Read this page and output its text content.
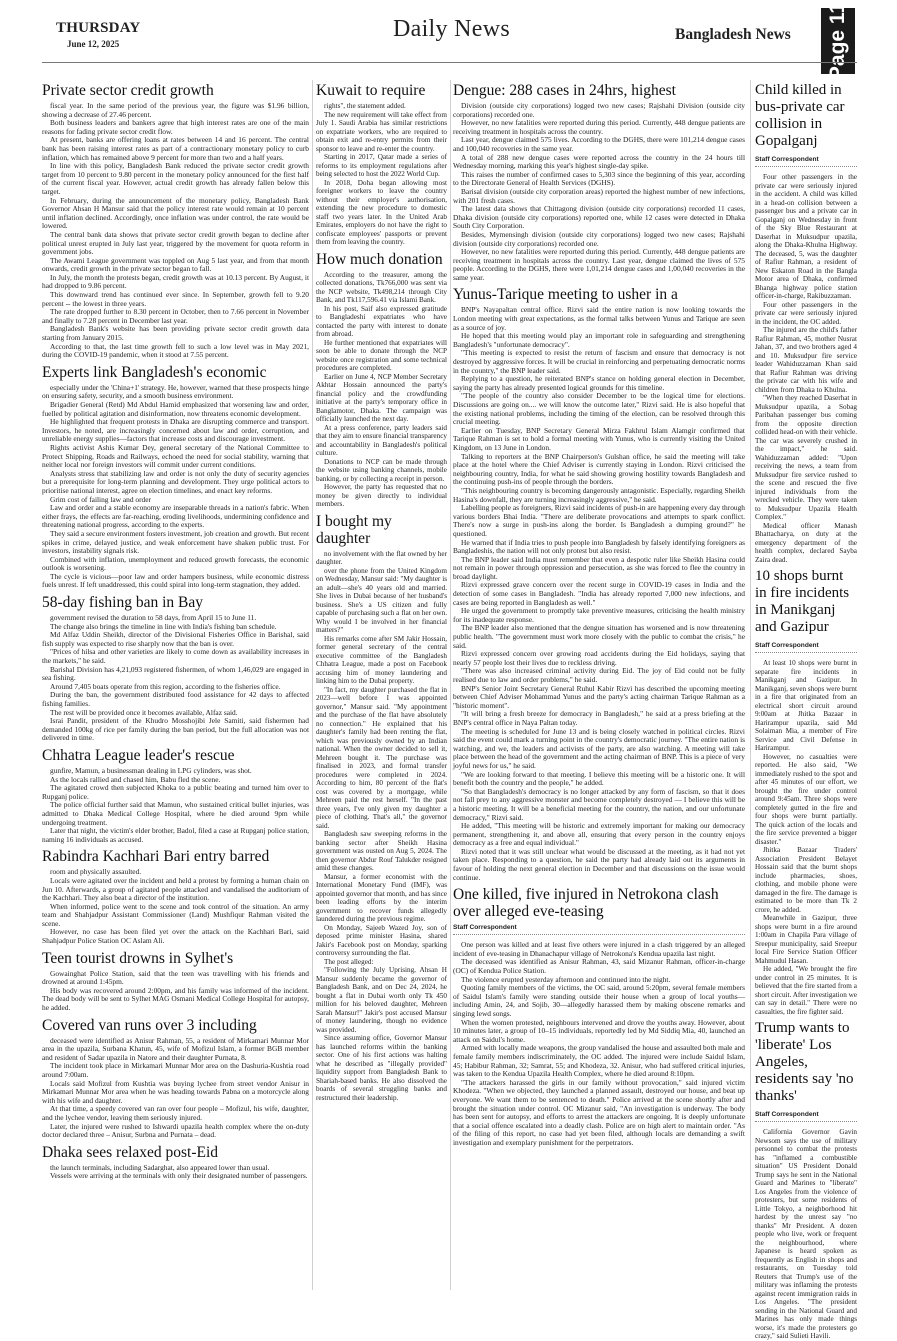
THURSDAY
June 12, 2025
Daily News	Bangladesh News Page 11
Private sector credit growth

fiscal year. In the same period of the previous year, the figure was $1.96 billion, showing a decrease of 27.46 percent.

Both business leaders and bankers agree that high interest rates are one of the main reasons for fading private sector credit flow.

At present, banks are offering loans at rates between 14 and 16 percent. The central bank has been raising interest rates as part of a contractionary monetary policy to curb inflation, which has remained above 9 percent for more than two and a half years.

In line with this policy, Bangladesh Bank reduced the private sector credit growth target from 10 percent to 9.80 percent in the monetary policy announced for the first half of the current fiscal year. However, actual credit growth has already fallen below this target.

In February, during the announcement of the monetary policy, Bangladesh Bank Governor Ahsan H Mansur said that the policy interest rate would remain at 10 percent until inflation declined. Accordingly, once inflation was under control, the rate would be lowered.

The central bank data shows that private sector credit growth began to decline after political unrest erupted in July last year, triggered by the movement for quota reform in government jobs.

The Awami League government was toppled on Aug 5 last year, and from that month onwards, credit growth in the private sector began to fall.

In July, the month the protests began, credit growth was at 10.13 percent. By August, it had dropped to 9.86 percent.

This downward trend has continued ever since. In September, growth fell to 9.20 percent -- the lowest in three years.

The rate dropped further to 8.30 percent in October, then to 7.66 percent in November and finally to 7.28 percent in December last year.

Bangladesh Bank's website has been providing private sector credit growth data starting from January 2015.

According to that, the last time growth fell to such a low level was in May 2021, during the COVID-19 pandemic, when it stood at 7.55 percent.

Experts link Bangladesh's economic

especially under the 'China+1' strategy. He, however, warned that these prospects hinge on ensuring safety, security, and a smooth business environment.

Brigadier General (Retd) Md Abdul Hamid emphasized that worsening law and order, fuelled by political agitation and disinformation, now threatens economic development.

He highlighted that frequent protests in Dhaka are disrupting commerce and transport. Investors, he noted, are increasingly concerned about law and order, corruption, and unreliable energy supplies—factors that increase costs and discourage investment.

Rights activist Ashis Kumar Dey, general secretary of the National Committee to Protect Shipping, Roads and Railways, echoed the need for social stability, warning that neither local nor foreign investors will commit under current conditions.

Analysts stress that stabilizing law and order is not only the duty of security agencies but a prerequisite for long-term planning and development. They urge political actors to prioritise national interest, agree on election timelines, and enact key reforms.

Grim cost of failing law and order

Law and order and a stable economy are inseparable threads in a nation's fabric. When either frays, the effects are far-reaching, eroding livelihoods, undermining confidence and threatening national progress, according to the experts.

They said a secure environment fosters investment, job creation and growth. But recent spikes in crime, delayed justice, and weak enforcement have shaken public trust. For investors, instability signals risk.

Combined with inflation, unemployment and reduced growth forecasts, the economic outlook is worsening.

The cycle is vicious—poor law and order hampers business, while economic distress fuels unrest. If left unaddressed, this could spiral into long-term stagnation, they added.

58-day fishing ban in Bay

government revised the duration to 58 days, from April 15 to June 11.

The change also brings the timeline in line with India's fishing ban schedule.

Md Alfaz Uddin Sheikh, director of the Divisional Fisheries Office in Barishal, said fish supply was expected to rise sharply now that the ban is over.

"Prices of hilsa and other varieties are likely to come down as availability increases in the markets," he said.

Barishal Division has 4,21,093 registered fishermen, of whom 1,46,029 are engaged in sea fishing.

Around 7,405 boats operate from this region, according to the fisheries office.

During the ban, the government distributed food assistance for 42 days to affected fishing families.

The rest will be provided once it becomes available, Alfaz said.

Israi Pandit, president of the Khudro Mosshojibi Jele Samiti, said fishermen had demanded 100kg of rice per family during the ban period, but the full allocation was not delivered in time.

Chhatra League leader's rescue

gunfire, Mamun, a businessman dealing in LPG cylinders, was shot.

As the locals rallied and chased him, Babu fled the scene.

The agitated crowd then subjected Khoka to a public beating and turned him over to Rupganj police.

The police official further said that Mamun, who sustained critical bullet injuries, was admitted to Dhaka Medical College Hospital, where he died around 9pm while undergoing treatment.

Later that night, the victim's elder brother, Badol, filed a case at Rupganj police station, naming 16 individuals as accused.

Rabindra Kachhari Bari entry barred

room and physically assaulted.

Locals were agitated over the incident and held a protest by forming a human chain on Jun 10. Afterwards, a group of agitated people attacked and vandalised the auditorium of the Kachhari. They also beat a director of the institution.

When informed, police went to the scene and took control of the situation. An army team and Shahjadpur Assistant Commissioner (Land) Mushfiqur Rahman visited the scene.

However, no case has been filed yet over the attack on the Kachhari Bari, said Shahjadpur Police Station OC Aslam Ali.

Teen tourist drowns in Sylhet's

Gowainghat Police Station, said that the teen was travelling with his friends and drowned at around 1:45pm.

His body was recovered around 2:00pm, and his family was informed of the incident. The dead body will be sent to Sylhet MAG Osmani Medical College Hospital for autopsy, he added.

Covered van runs over 3 including

deceased were identified as Anisur Rahman, 55, a resident of Mirkamari Munnar Mor area in the upazila, Surbana Khatun, 45, wife of Mofizul Islam, a former BGB member and resident of Sadar upazila in Natore and their daughter Purnata, 8.

The incident took place in Mirkamari Munnar Mor area on the Dashuria-Kushtia road around 7:00am.

Locals said Mofizul from Kushtia was buying lychee from street vendor Anisur in Mirkamari Munnar Mor area when he was heading towards Pabna on a motorcycle along with his wife and daughter.

At that time, a speedy covered van ran over four people – Mofizul, his wife, daughter, and the lychee vendor, leaving them seriously injured.

Later, the injured were rushed to Ishwardi upazila health complex where the on-duty doctor declared three – Anisur, Surbna and Purnata – dead.

Dhaka sees relaxed post-Eid

the launch terminals, including Sadarghat, also appeared lower than usual.

Vessels were arriving at the terminals with only their designated number of passengers.

Kuwait to require

rights", the statement added.

The new requirement will take effect from July 1. Saudi Arabia has similar restrictions on expatriate workers, who are required to obtain exit and re-entry permits from their sponsor to leave and re-enter the country.

Starting in 2017, Qatar made a series of reforms to its employment regulations after being selected to host the 2022 World Cup.

In 2018, Doha began allowing most foreigner workers to leave the country without their employer's authorisation, extending the new procedure to domestic staff two years later. In the United Arab Emirates, employers do not have the right to confiscate employees' passports or prevent them from leaving the country.

How much donation

According to the treasurer, among the collected donations, Tk766,000 was sent via the NCP website, Tk498,214 through City Bank, and Tk117,596.41 via Islami Bank.

In his post, Saif also expressed gratitude to Bangladeshi expatriates who have contacted the party with interest to donate from abroad.

He further mentioned that expatriates will soon be able to donate through the NCP website once registration and some technical procedures are completed.

Earlier on June 4, NCP Member Secretary Akhtar Hossain announced the party's financial policy and the crowdfunding initiative at the party's temporary office in Banglamotor, Dhaka. The campaign was officially launched the next day.

At a press conference, party leaders said that they aim to ensure financial transparency and accountability in Bangladesh's political culture.

Donations to NCP can be made through the website using banking channels, mobile banking, or by collecting a receipt in person.

However, the party has requested that no money be given directly to individual members.

I bought my daughter

no involvement with the flat owned by her daughter.

over the phone from the United Kingdom on Wednesday, Mansur said: "My daughter is an adult—she's 40 years old and married. She lives in Dubai because of her husband's business. She's a US citizen and fully capable of purchasing such a flat on her own. Why would I be involved in her financial matters?"

His remarks come after SM Jakir Hossain, former general secretary of the central executive committee of the Bangladesh Chhatra League, made a post on Facebook accusing him of money laundering and linking him to the Dubai property.

"In fact, my daughter purchased the flat in 2023—well before I was appointed governor," Mansur said. "My appointment and the purchase of the flat have absolutely no connection." He explained that his daughter's family had been renting the flat, which was previously owned by an Indian national. When the owner decided to sell it, Mehreen bought it. The purchase was finalised in 2023, and formal transfer procedures were completed in 2024. According to him, 80 percent of the flat's cost was covered by a mortgage, while Mehreen paid the rest herself. "In the past three years, I've only given my daughter a piece of clothing. That's all," the governor said.

Bangladesh saw sweeping reforms in the banking sector after Sheikh Hasina government was ousted on Aug 5, 2024. The then governor Abdur Rouf Talukder resigned amid these changes.

Mansur, a former economist with the International Monetary Fund (IMF), was appointed governor that month, and has since been leading efforts by the interim government to recover funds allegedly laundered during the previous regime.

On Monday, Sajeeb Wazed Joy, son of deposed prime minister Hasina, shared Jakir's Facebook post on Monday, sparking controversy surrounding the flat.

The post alleged:

"Following the July Uprising, Ahsan H Mansur suddenly became the governor of Bangladesh Bank, and on Dec 24, 2024, he bought a flat in Dubai worth only Tk 450 million for his beloved daughter, Mehreen Sarah Mansur!" Jakir's post accused Mansur of money laundering, though no evidence was provided.

Since assuming office, Governor Mansur has launched reforms within the banking sector. One of his first actions was halting what he described as "illegally provided" liquidity support from Bangladesh Bank to Shariah-based banks. He also dissolved the boards of several struggling banks and restructured their leadership.

Dengue: 288 cases in 24hrs, highest

Division (outside city corporations) logged two new cases; Rajshahi Division (outside city corporations) recorded one.

However, no new fatalities were reported during this period. Currently, 448 dengue patients are receiving treatment in hospitals across the country.

Last year, dengue claimed 575 lives. According to the DGHS, there were 101,214 dengue cases and 100,040 recoveries in the same year.

A total of 288 new dengue cases were reported across the country in the 24 hours till Wednesday morning, marking this year's highest single-day spike.

This raises the number of confirmed cases to 5,303 since the beginning of this year, according to the Directorate General of Health Services (DGHS).

Barisal division (outside city corporation areas) reported the highest number of new infections, with 201 fresh cases.

The latest data shows that Chittagong division (outside city corporations) recorded 11 cases, Dhaka division (outside city corporations) reported one, while 12 cases were detected in Dhaka South City Corporation.

Besides, Mymensingh division (outside city corporations) logged two new cases; Rajshahi division (outside city corporations) recorded one.

However, no new fatalities were reported during this period. Currently, 448 dengue patients are receiving treatment in hospitals across the country. Last year, dengue claimed the lives of 575 people. According to the DGHS, there were 1,01,214 dengue cases and 1,00,040 recoveries in the same year.

Yunus-Tarique meeting to usher in a

BNP's Nayapaltan central office. Rizvi said the entire nation is now looking towards the London meeting with great expectations, as the formal talks between Yunus and Tarique are seen as a source of joy.

He hoped that this meeting would play an important role in safeguarding and strengthening Bangladesh's "unfortunate democracy".

"This meeting is expected to resist the return of fascism and ensure that democracy is not destroyed by aggressive forces. It will be crucial in reinforcing and perpetuating democratic norms in the country," the BNP leader said.

Replying to a question, he reiterated BNP's stance on holding general election in December, saying the party has already presented logical grounds for this timeline.

"The people of the country also consider December to be the logical time for elections. Discussions are going on.... we will know the outcome later," Rizvi said. He is also hopeful that the existing national problems, including the timing of the election, can be resolved through this crucial meeting.

Earlier on Tuesday, BNP Secretary General Mirza Fakhrul Islam Alamgir confirmed that Tarique Rahman is set to hold a formal meeting with Yunus, who is currently visiting the United Kingdom, on 13 June in London.

Talking to reporters at the BNP Chairperson's Gulshan office, he said the meeting will take place at the hotel where the Chief Adviser is currently staying in London. Rizvi criticised the neighbouring country, India, for what he said showing growing hostility towards Bangladesh and the continuing push-ins of people through the borders.

"This neighbouring country is becoming dangerously antagonistic. Especially, regarding Sheikh Hasina's downfall, they are turning increasingly aggressive," he said.

Labelling people as foreigners, Rizvi said incidents of push-in are happening every day through various borders Bhai India. "There are deliberate provocations and attempts to spark conflict. There's now a surge in push-ins along the border. Is Bangladesh a dumping ground?" he questioned.

He warned that if India tries to push people into Bangladesh by falsely identifying foreigners as Bangladeshis, the nation will not only protest but also resist.

The BNP leader said India must remember that even a despotic ruler like Sheikh Hasina could not remain in power through oppression and persecution, as she was forced to flee the country in broad daylight.

Rizvi expressed grave concern over the recent surge in COVID-19 cases in India and the detection of some cases in Bangladesh. "India has already reported 7,000 new infections, and cases are being reported in Bangladesh as well."

He urged the government to promptly take preventive measures, criticising the health ministry for its inadequate response.

The BNP leader also mentioned that the dengue situation has worsened and is now threatening public health. "The government must work more closely with the public to combat the crisis," he said.

Rizvi expressed concern over growing road accidents during the Eid holidays, saying that nearly 57 people lost their lives due to reckless driving.

"There was also increased criminal activity during Eid. The joy of Eid could not be fully realised due to law and order problems," he said.

BNP's Senior Joint Secretary General Ruhul Kabir Rizvi has described the upcoming meeting between Chief Adviser Mohammad Yunus and the party's acting chairman Tarique Rahman as a "historic moment".

"It will bring a fresh breeze for democracy in Bangladesh," he said at a press briefing at the BNP's central office in Naya Paltan today.

The meeting is scheduled for June 13 and is being closely watched in political circles. Rizvi said the event could mark a turning point in the country's democratic journey. "The entire nation is watching, and we, the leaders and activists of the party, are also watching. A meeting will take place between the head of the government and the acting chairman of BNP. This is a piece of very joyful news for us," he said.

"We are looking forward to that meeting. I believe this meeting will be a historic one. It will benefit both the country and the people," he added.

"So that Bangladesh's democracy is no longer attacked by any form of fascism, so that it does not fall prey to any aggressive monster and become completely destroyed — I believe this will be a historic meeting. It will be a beneficial meeting for the country, the nation, and our unfortunate democracy," Rizvi said.

He added, "This meeting will be historic and extremely important for making our democracy permanent, strengthening it, and above all, ensuring that every person in the country enjoys democracy as a free and equal individual."

Rizvi noted that it was still unclear what would be discussed at the meeting, as it had not yet taken place. Responding to a question, he said the party had already laid out its arguments in favour of holding the next general election in December and that discussions on the issue would continue.

One killed, five injured in Netrokona clash over alleged eve-teasing
Staff Correspondent

One person was killed and at least five others were injured in a clash triggered by an alleged incident of eve-teasing in Dhanachapur village of Netrokona's Kendua upazila last night.

The deceased was identified as Anisur Rahman, 43, said Mizanur Rahman, officer-in-charge (OC) of Kendua Police Station.

The violence erupted yesterday afternoon and continued into the night.

Quoting family members of the victims, the OC said, around 5:20pm, several female members of Saidul Islam's family were standing outside their house when a group of local youths—including Amin, 24, and Sojib, 30—allegedly harassed them by making obscene remarks and singing lewd songs.

When the women protested, neighbours intervened and drove the youths away. However, about 10 minutes later, a group of 10–15 individuals, reportedly led by Md Siddiq Mia, 40, launched an attack on Saidul's home.

Armed with locally made weapons, the group vandalised the house and assaulted both male and female family members indiscriminately, the OC added. The injured were include Saidul Islam, 45; Habibur Rahman, 32; Samrat, 55; and Khodeza, 32. Anisur, who had suffered critical injuries, was taken to the Kendua Upazila Health Complex, where he died around 8:10pm.

"The attackers harassed the girls in our family without provocation," said injured victim Khodeza. "When we objected, they launched a planned assault, destroyed our house, and beat up everyone. We want them to be sentenced to death." Police arrived at the scene shortly after and brought the situation under control. OC Mizanur said, "An investigation is underway. The body has been sent for autopsy, and efforts to arrest the attackers are ongoing. It is deeply unfortunate that a social offence escalated into a deadly clash. Police are on high alert to maintain order. "As of the filing of this report, no case had yet been filed, although locals are demanding a swift investigation and exemplary punishment for the perpetrators.

Child killed in bus-private car collision in Gopalganj
Staff Correspondent

Four other passengers in the private car were seriously injured in the accident. A child was killed in a head-on collision between a passenger bus and a private car in Gopalganj on Wednesday in front of the Sky Blue Restaurant at Daserhat in Muksudpur upazila, along the Dhaka-Khulna Highway. The deceased, 5, was the daughter of Rafiur Rahman, a resident of New Eskaton Road in the Bangla Motor area of Dhaka, confirmed Bhanga highway police station officer-in-charge, Rakibuzzaman.

Four other passengers in the private car were seriously injured in the incident, the OC added.

The injured are the child's father Rafiur Rahman, 45, mother Nusrat Jahan, 37, and two brothers aged 4 and 10. Muksudpur fire service leader Wahiduzzaman Khan said that Rafiur Rahman was driving the private car with his wife and children from Dhaka to Khulna.

"When they reached Daserhat in Muksudpur upazila, a Sobag Paribahan passenger bus coming from the opposite direction collided head-on with their vehicle. The car was severely crushed in the impact," he said. Wahiduzzaman added: "Upon receiving the news, a team from Muksudpur fire service rushed to the scene and rescued the five injured individuals from the wrecked vehicle. They were taken to Muksudpur Upazila Health Complex."

Medical officer Manash Bhattacharya, on duty at the emergency department of the health complex, declared Sayba Zaira dead.

10 shops burnt in fire incidents in Manikganj and Gazipur
Staff Correspondent

At least 10 shops were burnt in separate fire incidents in Manikganj and Gazipur. In Manikganj, seven shops were burnt in a fire that originated from an electrical short circuit around 9:00am at Jhitka Bazaar in Harirampur upazila, said Md Solaiman Mia, a member of Fire Service and Civil Defense in Harirampur.

However, no casualties were reported. He also said, "We immediately rushed to the spot and after 45 minutes of our effort, we brought the fire under control around 9:45am. Three shops were completely gutted in the fire and four shops were burnt partially. The quick action of the locals and the fire service prevented a bigger disaster."

Jhitka Bazaar Traders' Association President Belayet Hossain said that the burnt shops include pharmacies, shoes, clothing, and mobile phone were damaged in the fire. The damage is estimated to be more than Tk 2 crore, he added.

Meanwhile in Gazipur, three shops were burnt in a fire around 1:00am in Chapila Para village of Sreepur municipality, said Sreepur local Fire Service Station Officer Mahmudul Hasan.

He added, "We brought the fire under control in 25 minutes. It is believed that the fire started from a short circuit. After investigation we can say in detail." There were no casualties, the fire fighter said.

Trump wants to 'liberate' Los Angeles, residents say 'no thanks'
Staff Correspondent

California Governor Gavin Newsom says the use of military personnel to combat the protests has "inflamed a combustible situation" US President Donald Trump says he sent in the National Guard and Marines to "liberate" Los Angeles from the violence of protesters, but some residents of Little Tokyo, a neighborhood hit hardest by the unrest say "no thanks" Mr President. A dozen people who live, work or frequent the neighbourhood, where Japanese is heard spoken as frequently as English in shops and restaurants, on Tuesday told Reuters that Trump's use of the military was inflaming the protests against recent immigration raids in Los Angeles. "The president sending in the National Guard and Marines has only made things worse, it's made the protesters go crazy," said Sulieti Havili.
